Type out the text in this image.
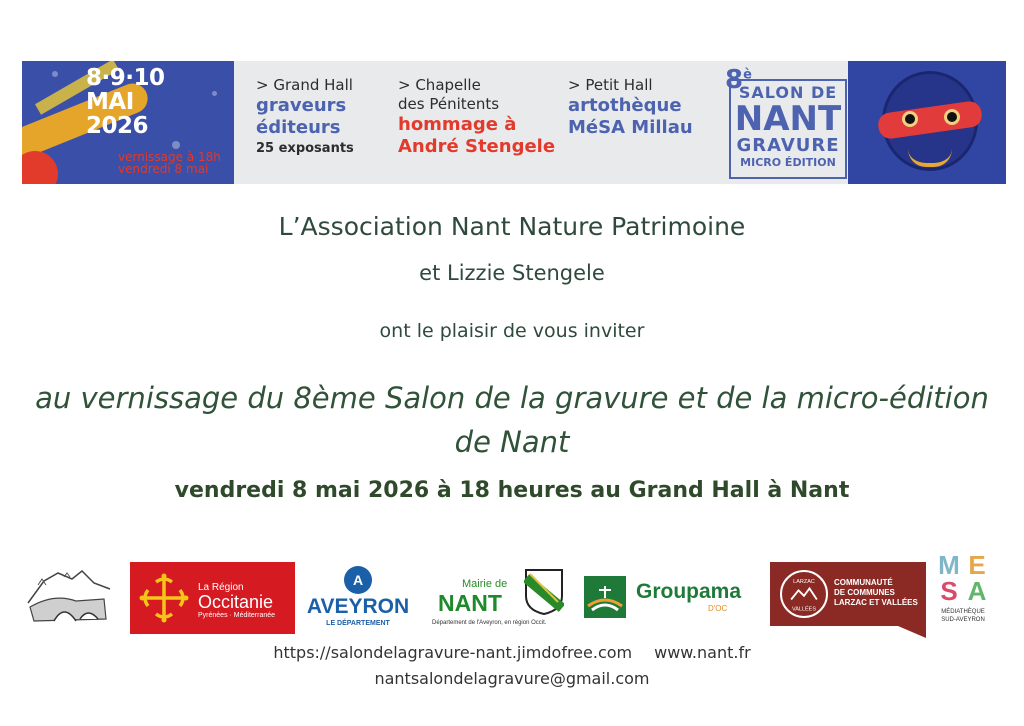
8·9·10
MAI
2026
vernissage à 18h
vendredi 8 mai
> Grand Hall
graveurs
éditeurs
25 exposants
> Chapelle
des Pénitents
hommage à
André Stengele
> Petit Hall
artothèque
MéSA Millau
$8^è$
SALON DE
NANT
GRAVURE
MICRO ÉDITION
L’Association Nant Nature Patrimoine
et Lizzie Stengele
ont le plaisir de vous inviter
au vernissage du 8ème Salon de la gravure et de la micro-édition
de Nant
vendredi 8 mai 2026 à 18 heures au Grand Hall à Nant
La Région
Occitanie
Pyrénées · Méditerranée
A
AVEYRON
LE DÉPARTEMENT
Mairie de
NANT
Département de l'Aveyron, en région Occit.
Groupama
D'OC
LARZAC
VALLÉES
COMMUNAUTÉ
DE COMMUNES
LARZAC ET VALLÉES
M E
S A
MÉDIATHÈQUE
SUD-AVEYRON
https://salondelagravure-nant.jimdofree.com www.nant.fr
nantsalondelagravure@gmail.com
